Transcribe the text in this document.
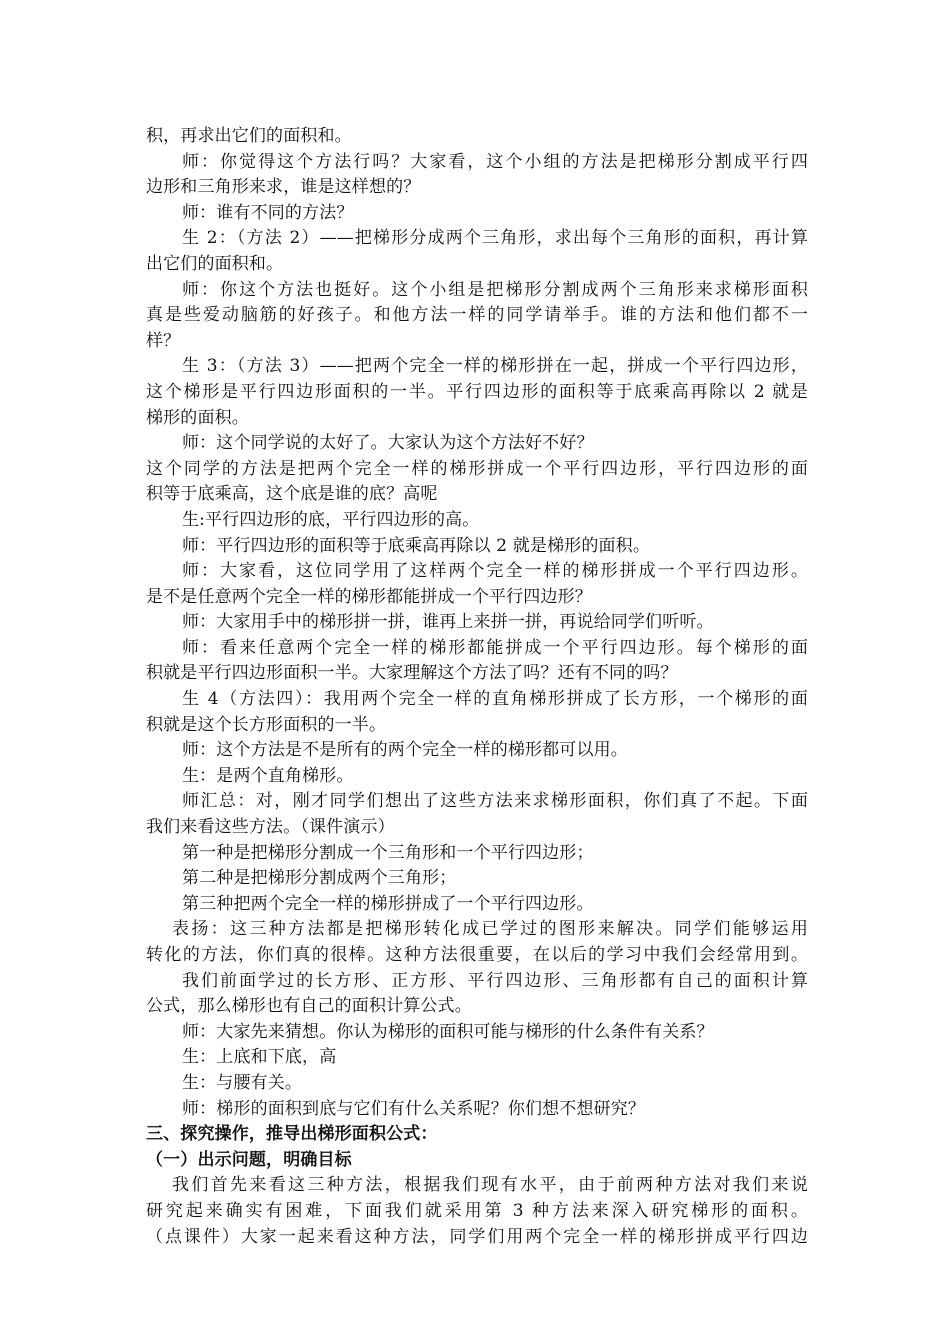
积，再求出它们的面积和。
师：你觉得这个方法行吗？大家看，这个小组的方法是把梯形分割成平行四
边形和三角形来求，谁是这样想的？
师：谁有不同的方法？
生 2：（方法 2）——把梯形分成两个三角形，求出每个三角形的面积，再计算
出它们的面积和。
师：你这个方法也挺好。这个小组是把梯形分割成两个三角形来求梯形面积
真是些爱动脑筋的好孩子。和他方法一样的同学请举手。谁的方法和他们都不一
样？
生 3：（方法 3）——把两个完全一样的梯形拼在一起，拼成一个平行四边形，
这个梯形是平行四边形面积的一半。平行四边形的面积等于底乘高再除以 2 就是
梯形的面积。
师：这个同学说的太好了。大家认为这个方法好不好？
这个同学的方法是把两个完全一样的梯形拼成一个平行四边形，平行四边形的面
积等于底乘高，这个底是谁的底？高呢
生:平行四边形的底，平行四边形的高。
师：平行四边形的面积等于底乘高再除以 2 就是梯形的面积。
师：大家看，这位同学用了这样两个完全一样的梯形拼成一个平行四边形。
是不是任意两个完全一样的梯形都能拼成一个平行四边形？
师：大家用手中的梯形拼一拼，谁再上来拼一拼，再说给同学们听听。
师：看来任意两个完全一样的梯形都能拼成一个平行四边形。每个梯形的面
积就是平行四边形面积一半。大家理解这个方法了吗？还有不同的吗？
生 4（方法四）：我用两个完全一样的直角梯形拼成了长方形，一个梯形的面
积就是这个长方形面积的一半。
师：这个方法是不是所有的两个完全一样的梯形都可以用。
生：是两个直角梯形。
师汇总：对，刚才同学们想出了这些方法来求梯形面积，你们真了不起。下面
我们来看这些方法。（课件演示）
第一种是把梯形分割成一个三角形和一个平行四边形；
第二种是把梯形分割成两个三角形；
第三种把两个完全一样的梯形拼成了一个平行四边形。
表扬：这三种方法都是把梯形转化成已学过的图形来解决。同学们能够运用
转化的方法，你们真的很棒。这种方法很重要，在以后的学习中我们会经常用到。
我们前面学过的长方形、正方形、平行四边形、三角形都有自己的面积计算
公式，那么梯形也有自己的面积计算公式。
师：大家先来猜想。你认为梯形的面积可能与梯形的什么条件有关系？
生：上底和下底，高
生：与腰有关。
师：梯形的面积到底与它们有什么关系呢？你们想不想研究？
三、探究操作，推导出梯形面积公式：
（一）出示问题，明确目标
我们首先来看这三种方法，根据我们现有水平，由于前两种方法对我们来说
研究起来确实有困难，下面我们就采用第 3 种方法来深入研究梯形的面积。
（点课件）大家一起来看这种方法，同学们用两个完全一样的梯形拼成平行四边
